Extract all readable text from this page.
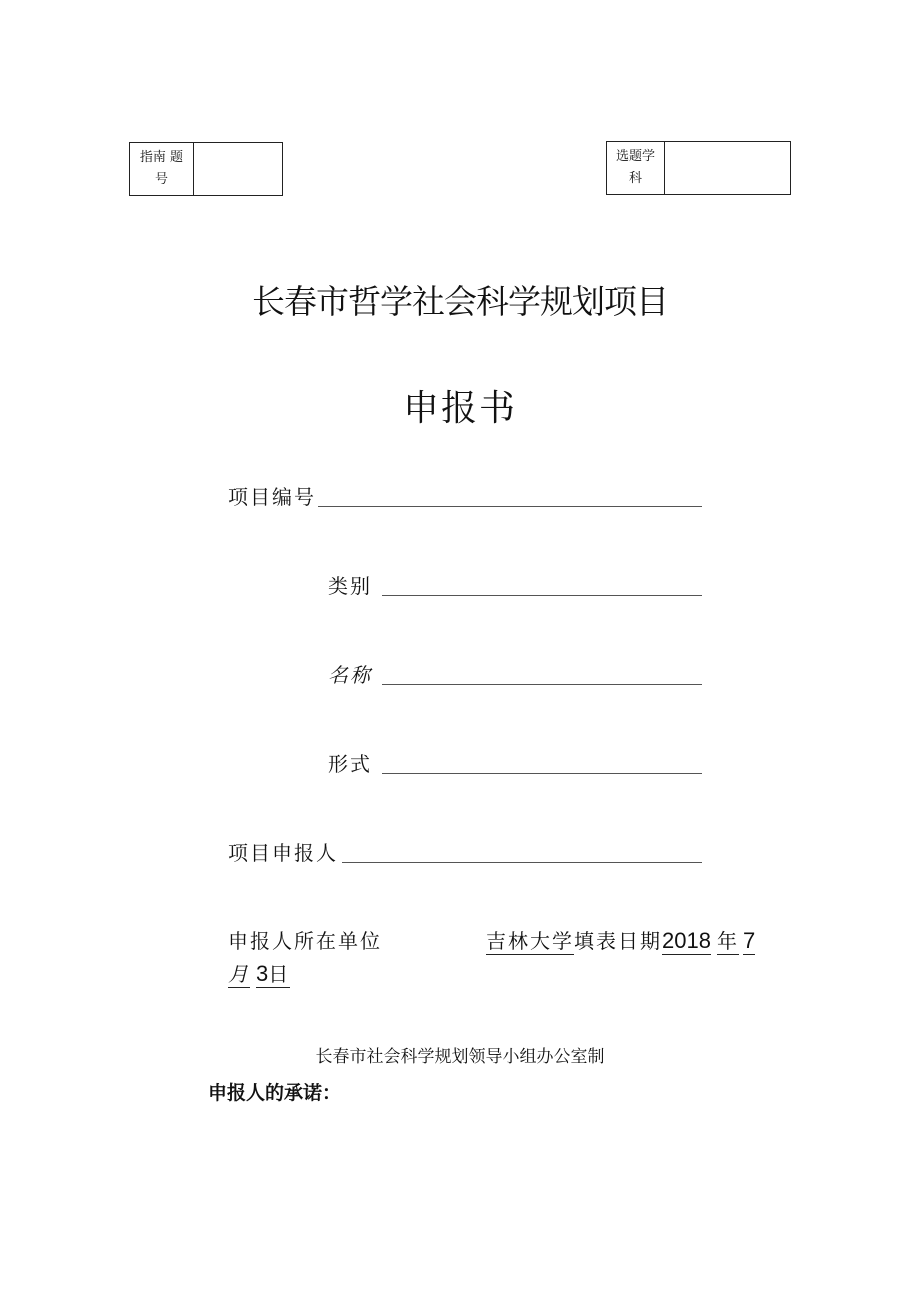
指南 题
号
选题学
科
长春市哲学社会科学规划项目
申报书
项目编号
类别
名称
形式
项目申报人
申报人所在单位	吉林大学填表日期2018 年 7
月 3日
长春市社会科学规划领导小组办公室制
申报人的承诺：
